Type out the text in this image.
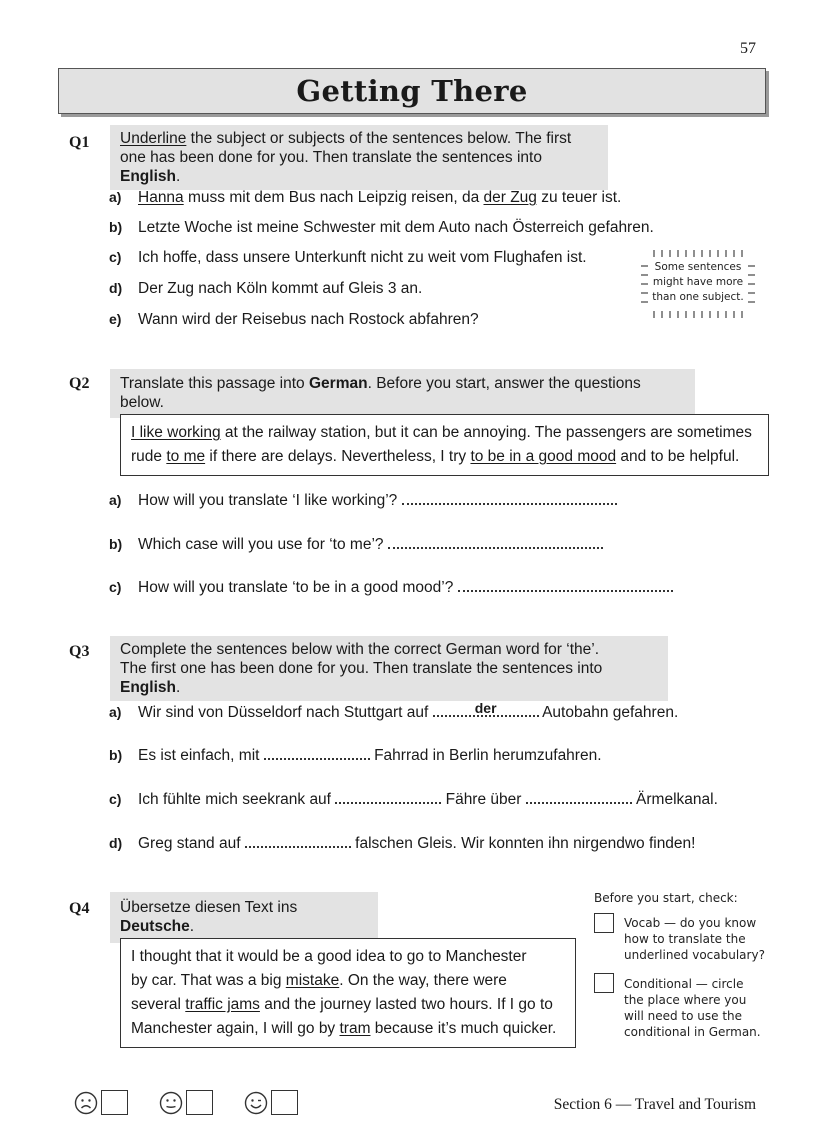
57
Getting There
Q1 Underline the subject or subjects of the sentences below. The first
one has been done for you. Then translate the sentences into English.
a) Hanna muss mit dem Bus nach Leipzig reisen, da der Zug zu teuer ist.
b) Letzte Woche ist meine Schwester mit dem Auto nach Österreich gefahren.
c) Ich hoffe, dass unsere Unterkunft nicht zu weit vom Flughafen ist.
d) Der Zug nach Köln kommt auf Gleis 3 an.
e) Wann wird der Reisebus nach Rostock abfahren?
Some sentences
might have more
than one subject.
Q2	Translate this passage into German. Before you start, answer the questions below.
I like working at the railway station, but it can be annoying. The passengers are sometimes
rude to me if there are delays. Nevertheless, I try to be in a good mood and to be helpful.
a) How will you translate ‘I like working’?
b) Which case will you use for ‘to me’?
c) How will you translate ‘to be in a good mood’?
Q3 Complete the sentences below with the correct German word for ‘the’.
The first one has been done for you. Then translate the sentences into English.
a) Wir sind von Düsseldorf nach Stuttgart auf	der	Autobahn gefahren.
b) Es ist einfach, mit	Fahrrad in Berlin herumzufahren.
c) Ich fühlte mich seekrank auf	Fähre über	Ärmelkanal.
d) Greg stand auf	falschen Gleis. Wir konnten ihn nirgendwo finden!
Q4	Übersetze diesen Text ins Deutsche.
I thought that it would be a good idea to go to Manchester
by car. That was a big mistake. On the way, there were
several traffic jams and the journey lasted two hours. If I go to
Manchester again, I will go by tram because it’s much quicker.
Before you start, check:
Vocab — do you know
how to translate the
underlined vocabulary?
Conditional — circle
the place where you
will need to use the
conditional in German.
Section 6 — Travel and Tourism
